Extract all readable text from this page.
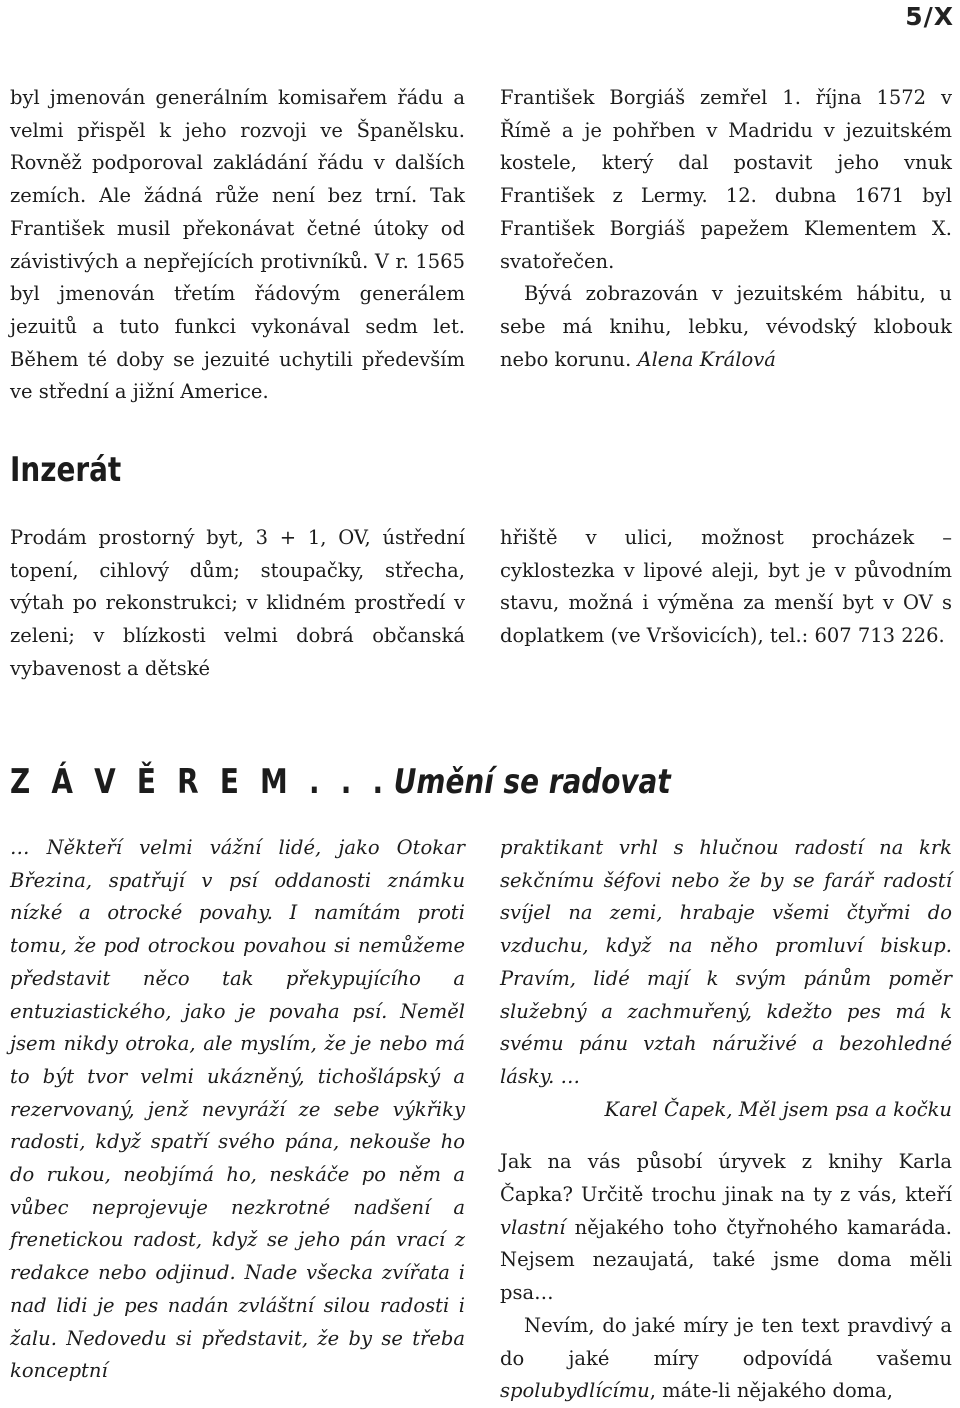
5/X

byl jmenován generálním komisařem řádu a velmi přispěl k jeho rozvoji ve Španělsku. Rovněž podporoval zakládání řádu v dalších zemích. Ale žádná růže není bez trní. Tak František musil překonávat četné útoky od závistivých a nepřejících protivníků. V r. 1565 byl jmenován třetím řádovým generálem jezuitů a tuto funkci vykonával sedm let. Během té doby se jezuité uchytili především ve střední a jižní Americe.

František Borgiáš zemřel 1. října 1572 v Římě a je pohřben v Madridu v jezuitském kostele, který dal postavit jeho vnuk František z Lermy. 12. dubna 1671 byl František Borgiáš papežem Klementem X. svatořečen.

Bývá zobrazován v jezuitském hábitu, u sebe má knihu, lebku, vévodský klobouk nebo korunu. Alena Králová

Inzerát

Prodám prostorný byt, 3 + 1, OV, ústřední topení, cihlový dům; stoupačky, střecha, výtah po rekonstrukci; v klidném prostředí v zeleni; v blízkosti velmi dobrá občanská vybavenost a dětské

hřiště v ulici, možnost procházek – cyklostezka v lipové aleji, byt je v původním stavu, možná i výměna za menší byt v OV s doplatkem (ve Vršovicích), tel.: 607 713 226.

Z Á V Ě R E M . . . Umění se radovat

… Někteří velmi vážní lidé, jako Otokar Březina, spatřují v psí oddanosti známku nízké a otrocké povahy. I namítám proti tomu, že pod otrockou povahou si nemůžeme představit něco tak překypujícího a entuziastického, jako je povaha psí. Neměl jsem nikdy otroka, ale myslím, že je nebo má to být tvor velmi ukázněný, tichošlápský a rezervovaný, jenž nevyráží ze sebe výkřiky radosti, když spatří svého pána, nekouše ho do rukou, neobjímá ho, neskáče po něm a vůbec neprojevuje nezkrotné nadšení a frenetickou radost, když se jeho pán vrací z redakce nebo odjinud. Nade všecka zvířata i nad lidi je pes nadán zvláštní silou radosti i žalu. Nedovedu si představit, že by se třeba konceptní

praktikant vrhl s hlučnou radostí na krk sekčnímu šéfovi nebo že by se farář radostí svíjel na zemi, hrabaje všemi čtyřmi do vzduchu, když na něho promluví biskup. Pravím, lidé mají k svým pánům poměr služebný a zachmuřený, kdežto pes má k svému pánu vztah náruživé a bezohledné lásky. …

Karel Čapek, Měl jsem psa a kočku

Jak na vás působí úryvek z knihy Karla Čapka? Určitě trochu jinak na ty z vás, kteří vlastní nějakého toho čtyřnohého kamaráda. Nejsem nezaujatá, také jsme doma měli psa…

Nevím, do jaké míry je ten text pravdivý a do jaké míry odpovídá vašemu spolubydlícímu, máte-li nějakého doma,
